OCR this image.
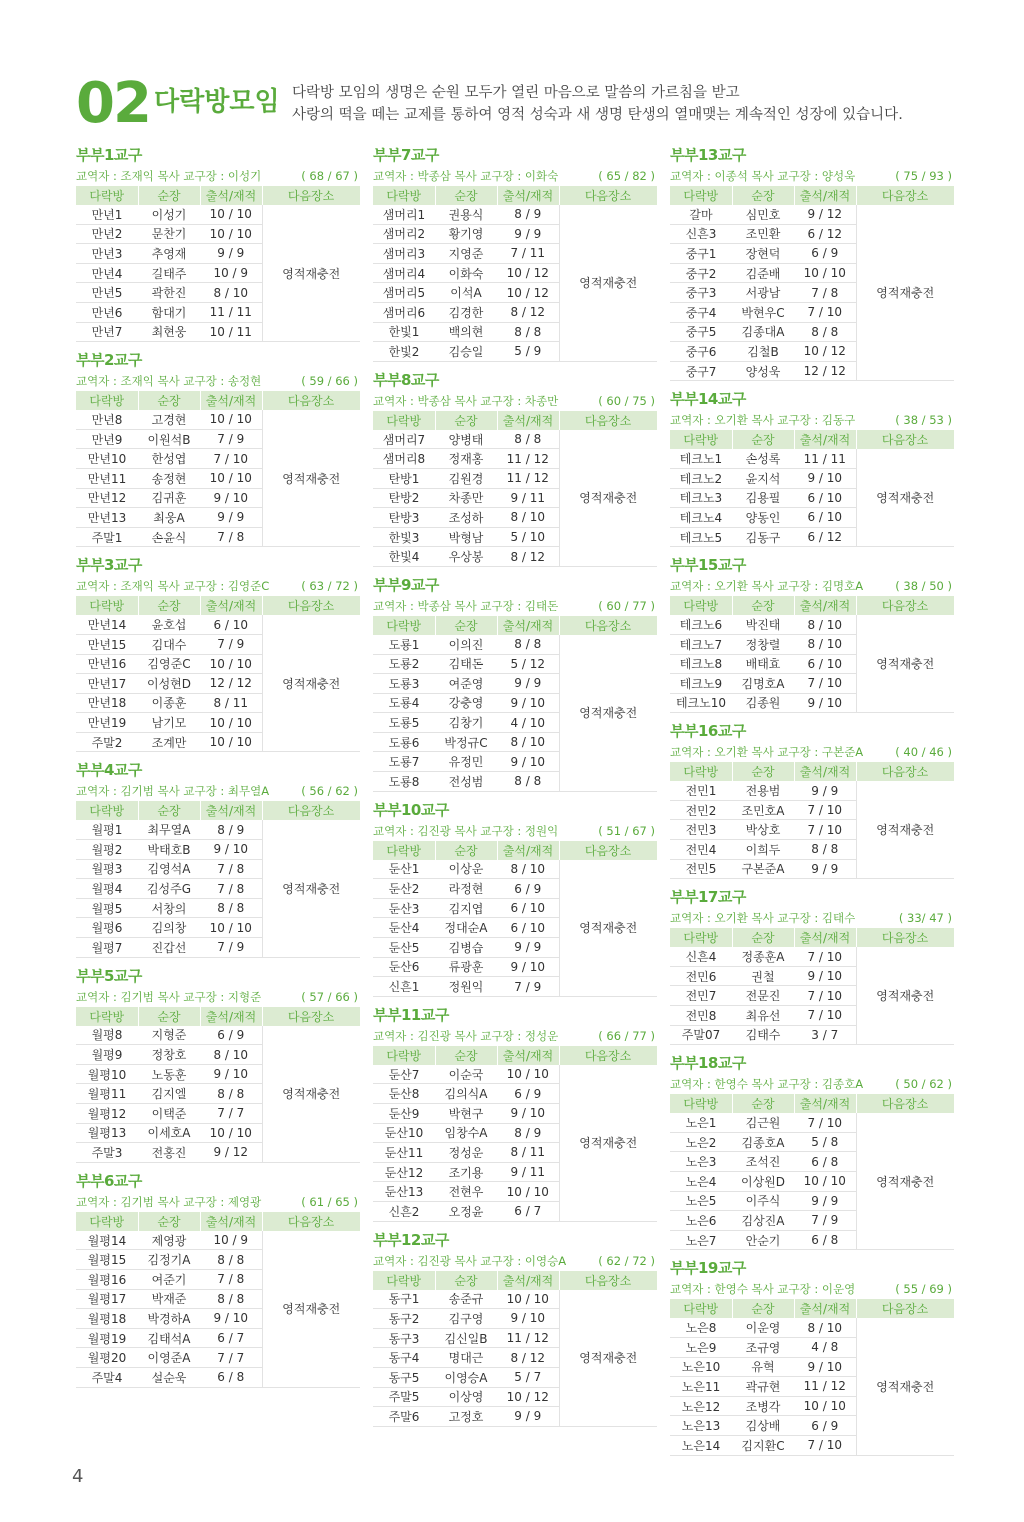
02 다락방모임 다락방 모임의 생명은 순원 모두가 열린 마음으로 말씀의 가르침을 받고
사랑의 떡을 떼는 교제를 통하여 영적 성숙과 새 생명 탄생의 열매맺는 계속적인 성장에 있습니다.
부부1교구
교역자 : 조재익 목사 교구장 : 이성기	( 68 / 67 )
다락방	순장	출석/재적	다음장소
만년1	이성기	10 / 10	영적재충전
만년2	문찬기	10 / 10	
만년3	추영재	9 / 9	
만년4	길태주	10 / 9	
만년5	곽한진	8 / 10	
만년6	함대기	11 / 11	
만년7	최현웅	10 / 11	
부부2교구
교역자 : 조재익 목사 교구장 : 송정현	( 59 / 66 )
다락방	순장	출석/재적	다음장소
만년8	고경현	10 / 10	영적재충전
만년9	이원석B	7 / 9	
만년10	한성엽	7 / 10	
만년11	송정현	10 / 10	
만년12	김귀훈	9 / 10	
만년13	최웅A	9 / 9	
주말1	손윤식	7 / 8	
부부3교구
교역자 : 조재익 목사 교구장 : 김영준C	( 63 / 72 )
다락방	순장	출석/재적	다음장소
만년14	윤호섭	6 / 10	영적재충전
만년15	김대수	7 / 9	
만년16	김영준C	10 / 10	
만년17	이성현D	12 / 12	
만년18	이종훈	8 / 11	
만년19	남기모	10 / 10	
주말2	조계만	10 / 10	
부부4교구
교역자 : 김기범 목사 교구장 : 최무열A	( 56 / 62 )
다락방	순장	출석/재적	다음장소
월평1	최무열A	8 / 9	영적재충전
월평2	박태호B	9 / 10	
월평3	김영석A	7 / 8	
월평4	김성주G	7 / 8	
월평5	서창의	8 / 8	
월평6	김의창	10 / 10	
월평7	진갑선	7 / 9	
부부5교구
교역자 : 김기범 목사 교구장 : 지형준	( 57 / 66 )
다락방	순장	출석/재적	다음장소
월평8	지형준	6 / 9	영적재충전
월평9	정창호	8 / 10	
월평10	노동훈	9 / 10	
월평11	김지엘	8 / 8	
월평12	이택준	7 / 7	
월평13	이세호A	10 / 10	
주말3	전홍진	9 / 12	
부부6교구
교역자 : 김기범 목사 교구장 : 제영광	( 61 / 65 )
다락방	순장	출석/재적	다음장소
월평14	제영광	10 / 9	영적재충전
월평15	김정기A	8 / 8	
월평16	여준기	7 / 8	
월평17	박재준	8 / 8	
월평18	박경하A	9 / 10	
월평19	김태석A	6 / 7	
월평20	이영준A	7 / 7	
주말4	설순욱	6 / 8	
부부7교구
교역자 : 박종삼 목사 교구장 : 이화숙	( 65 / 82 )
다락방	순장	출석/재적	다음장소
샘머리1	권용식	8 / 9	영적재충전
샘머리2	황기영	9 / 9	
샘머리3	지영준	7 / 11	
샘머리4	이화숙	10 / 12	
샘머리5	이석A	10 / 12	
샘머리6	김경한	8 / 12	
한빛1	백의현	8 / 8	
한빛2	김승일	5 / 9	
부부8교구
교역자 : 박종삼 목사 교구장 : 차종만	( 60 / 75 )
다락방	순장	출석/재적	다음장소
샘머리7	양병태	8 / 8	영적재충전
샘머리8	정재홍	11 / 12	
탄방1	김원경	11 / 12	
탄방2	차종만	9 / 11	
탄방3	조성하	8 / 10	
한빛3	박형남	5 / 10	
한빛4	우상봉	8 / 12	
부부9교구
교역자 : 박종삼 목사 교구장 : 김태돈	( 60 / 77 )
다락방	순장	출석/재적	다음장소
도룡1	이의진	8 / 8	영적재충전
도룡2	김태돈	5 / 12	
도룡3	여준영	9 / 9	
도룡4	강충영	9 / 10	
도룡5	김창기	4 / 10	
도룡6	박정규C	8 / 10	
도룡7	유정민	9 / 10	
도룡8	전성범	8 / 8	
부부10교구
교역자 : 김진광 목사 교구장 : 정원익	( 51 / 67 )
다락방	순장	출석/재적	다음장소
둔산1	이상운	8 / 10	영적재충전
둔산2	라정현	6 / 9	
둔산3	김지엽	6 / 10	
둔산4	정대순A	6 / 10	
둔산5	김병습	9 / 9	
둔산6	류광훈	9 / 10	
신흔1	정원익	7 / 9	
부부11교구
교역자 : 김진광 목사 교구장 : 정성운	( 66 / 77 )
다락방	순장	출석/재적	다음장소
둔산7	이순국	10 / 10	영적재충전
둔산8	김의식A	6 / 9	
둔산9	박현구	9 / 10	
둔산10	임창수A	8 / 9	
둔산11	정성운	8 / 11	
둔산12	조기용	9 / 11	
둔산13	전현우	10 / 10	
신흔2	오정윤	6 / 7	
부부12교구
교역자 : 김진광 목사 교구장 : 이영승A	( 62 / 72 )
다락방	순장	출석/재적	다음장소
동구1	송준규	10 / 10	영적재충전
동구2	김구영	9 / 10	
동구3	김신일B	11 / 12	
동구4	명대근	8 / 12	
동구5	이영승A	5 / 7	
주말5	이상영	10 / 12	
주말6	고정호	9 / 9	
부부13교구
교역자 : 이종석 목사 교구장 : 양성욱	( 75 / 93 )
다락방	순장	출석/재적	다음장소
갈마	심민호	9 / 12	영적재충전
신흔3	조민환	6 / 12	
중구1	장현덕	6 / 9	
중구2	김준배	10 / 10	
중구3	서광남	7 / 8	
중구4	박현우C	7 / 10	
중구5	김종대A	8 / 8	
중구6	김철B	10 / 12	
중구7	양성욱	12 / 12	
부부14교구
교역자 : 오기환 목사 교구장 : 김동구	( 38 / 53 )
다락방	순장	출석/재적	다음장소
테크노1	손성록	11 / 11	영적재충전
테크노2	윤지석	9 / 10	
테크노3	김용필	6 / 10	
테크노4	양동인	6 / 10	
테크노5	김동구	6 / 12	
부부15교구
교역자 : 오기환 목사 교구장 : 김명호A	( 38 / 50 )
다락방	순장	출석/재적	다음장소
테크노6	박진태	8 / 10	영적재충전
테크노7	정창렬	8 / 10	
테크노8	배태효	6 / 10	
테크노9	김명호A	7 / 10	
테크노10	김종원	9 / 10	
부부16교구
교역자 : 오기환 목사 교구장 : 구본준A	( 40 / 46 )
다락방	순장	출석/재적	다음장소
전민1	전용범	9 / 9	영적재충전
전민2	조민호A	7 / 10	
전민3	박상호	7 / 10	
전민4	이희두	8 / 8	
전민5	구본준A	9 / 9	
부부17교구
교역자 : 오기환 목사 교구장 : 김태수	( 33/ 47 )
다락방	순장	출석/재적	다음장소
신흔4	정종훈A	7 / 10	영적재충전
전민6	권철	9 / 10	
전민7	전문진	7 / 10	
전민8	최유선	7 / 10	
주말07	김태수	3 / 7	
부부18교구
교역자 : 한영수 목사 교구장 : 김종호A	( 50 / 62 )
다락방	순장	출석/재적	다음장소
노은1	김근원	7 / 10	영적재충전
노은2	김종호A	5 / 8	
노은3	조석진	6 / 8	
노은4	이상원D	10 / 10	
노은5	이주식	9 / 9	
노은6	김상진A	7 / 9	
노은7	안순기	6 / 8	
부부19교구
교역자 : 한영수 목사 교구장 : 이운영	( 55 / 69 )
다락방	순장	출석/재적	다음장소
노은8	이운영	8 / 10	영적재충전
노은9	조규영	4 / 8	
노은10	유혁	9 / 10	
노은11	곽규현	11 / 12	
노은12	조병각	10 / 10	
노은13	김상배	6 / 9	
노은14	김지환C	7 / 10	
4
